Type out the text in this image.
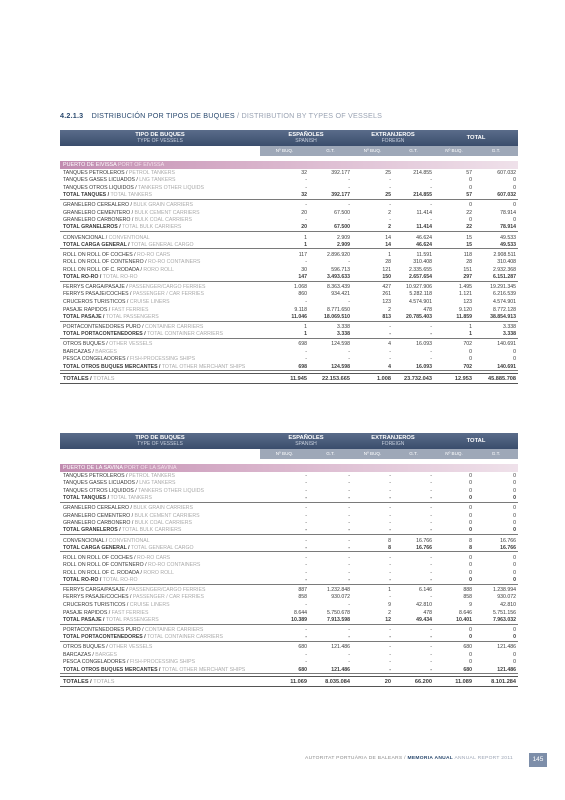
4.2.1.3 DISTRIBUCIÓN POR TIPOS DE BUQUES / DISTRIBUTION BY TYPES OF VESSELS
TIPO DE BUQUES
TYPE OF VESSELS	ESPAÑOLES
SPANISH		EXTRANJEROS
FOREIGN		TOTAL	
	Nº BUQ.	G.T.	Nº BUQ.	G.T.	Nº BUQ.	G.T.

PUERTO DE EIVISSA PORT OF EIVISSA						
TANQUES PETROLEROS / PETROL TANKERS	32	392.177	25	214.855	57	607.032
TANQUES GASES LICUADOS / LNG TANKERS	-	-	-	-	0	0
TANQUES OTROS LIQUIDOS / TANKERS OTHER LIQUIDS	-	-	-	-	0	0
TOTAL TANQUES / TOTAL TANKERS	32	392.177	25	214.855	57	607.032
GRANELERO CEREALERO / BULK GRAIN CARRIERS	-	-	-	-	0	0
GRANELERO CEMENTERO / BULK CEMENT CARRIERS	20	67.500	2	11.414	22	78.914
GRANELERO CARBONERO / BULK COAL CARRIERS	-	-	-	-	0	0
TOTAL GRANELEROS / TOTAL BULK CARRIERS	20	67.500	2	11.414	22	78.914
CONVENCIONAL / CONVENTIONAL	1	2.909	14	46.624	15	49.533
TOTAL CARGA GENERAL / TOTAL GENERAL CARGO	1	2.909	14	46.624	15	49.533
ROLL ON ROLL OF COCHES / RO-RO CARS	117	2.896.920	1	11.591	118	2.908.511
ROLL ON ROLL OF CONTENERO / RO-RO CONTAINERS	-	-	28	310.408	28	310.408
ROLL ON ROLL OF C. RODADA / RORO ROLL	30	596.713	121	2.335.655	151	2.932.368
TOTAL RO-RO / TOTAL RO-RO	147	3.493.633	150	2.657.654	297	6.151.287
FERRYS CARGA/PASAJE / PASSENGER/CARGO FERRIES	1.068	8.363.439	427	10.927.906	1.495	19.291.345
FERRYS PASAJE/COCHES / PASSENGER / CAR FERRIES	860	934.421	261	5.282.118	1.121	6.216.539
CRUCEROS TURISTICOS / CRUISE LINERS	-	-	123	4.574.901	123	4.574.901
PASAJE RAPIDOS / FAST FERRIES	9.118	8.771.650	2	478	9.120	8.772.128
TOTAL PASAJE / TOTAL PASSENGERS	11.046	18.069.510	813	20.785.403	11.859	38.854.913
PORTACONTENEDORES PURO / CONTAINER CARRIERS	1	3.338	-	-	1	3.338
TOTAL PORTACONTENEDORES / TOTAL CONTAINER CARRIERS	1	3.338	-	-	1	3.338
OTROS BUQUES / OTHER VESSELS	698	124.598	4	16.093	702	140.691
BARCAZAS / BARGES	-	-	-	-	0	0
PESCA CONGELADORES / FISH-PROCESSING SHIPS	-	-	-	-	0	0
TOTAL OTROS BUQUES MERCANTES / TOTAL OTHER MERCHANT SHIPS	698	124.598	4	16.093	702	140.691

TOTALES / TOTALS	11.945	22.153.665	1.008	23.732.043	12.953	45.885.708
TIPO DE BUQUES
TYPE OF VESSELS	ESPAÑOLES
SPANISH		EXTRANJEROS
FOREIGN		TOTAL	
	Nº BUQ.	G.T.	Nº BUQ.	G.T.	Nº BUQ.	G.T.

PUERTO DE LA SAVINA PORT OF LA SAVINA						
TANQUES PETROLEROS / PETROL TANKERS	-	-	-	-	0	0
TANQUES GASES LICUADOS / LNG TANKERS	-	-	-	-	0	0
TANQUES OTROS LIQUIDOS / TANKERS OTHER LIQUIDS	-	-	-	-	0	0
TOTAL TANQUES / TOTAL TANKERS	-	-	-	-	0	0
GRANELERO CEREALERO / BULK GRAIN CARRIERS	-	-	-	-	0	0
GRANELERO CEMENTERO / BULK CEMENT CARRIERS	-	-	-	-	0	0
GRANELERO CARBONERO / BULK COAL CARRIERS	-	-	-	-	0	0
TOTAL GRANELEROS / TOTAL BULK CARRIERS	-	-	-	-	0	0
CONVENCIONAL / CONVENTIONAL	-	-	8	16.766	8	16.766
TOTAL CARGA GENERAL / TOTAL GENERAL CARGO	-	-	8	16.766	8	16.766
ROLL ON ROLL OF COCHES / RO-RO CARS	-	-	-	-	0	0
ROLL ON ROLL OF CONTENERO / RO-RO CONTAINERS	-	-	-	-	0	0
ROLL ON ROLL OF C. RODADA / RORO ROLL	-	-	-	-	0	0
TOTAL RO-RO / TOTAL RO-RO	-	-	-	-	0	0
FERRYS CARGA/PASAJE / PASSENGER/CARGO FERRIES	887	1.232.848	1	6.146	888	1.238.994
FERRYS PASAJE/COCHES / PASSENGER / CAR FERRIES	858	930.072	-	-	858	930.072
CRUCEROS TURISTICOS / CRUISE LINERS	-	-	9	42.810	9	42.810
PASAJE RAPIDOS / FAST FERRIES	8.644	5.750.678	2	478	8.646	5.751.156
TOTAL PASAJE / TOTAL PASSENGERS	10.389	7.913.598	12	49.434	10.401	7.963.032
PORTACONTENEDORES PURO / CONTAINER CARRIERS	-	-	-	-	0	0
TOTAL PORTACONTENEDORES / TOTAL CONTAINER CARRIERS	-	-	-	-	0	0
OTROS BUQUES / OTHER VESSELS	680	121.486	-	-	680	121.486
BARCAZAS / BARGES	-	-	-	-	0	0
PESCA CONGELADORES / FISH-PROCESSING SHIPS	-	-	-	-	0	0
TOTAL OTROS BUQUES MERCANTES / TOTAL OTHER MERCHANT SHIPS	680	121.486	-	-	680	121.486

TOTALES / TOTALS	11.069	8.035.084	20	66.200	11.089	8.101.284
AUTORITAT PORTUÀRIA DE BALEARS / MEMORIA ANUAL ANNUAL REPORT 2011	145
